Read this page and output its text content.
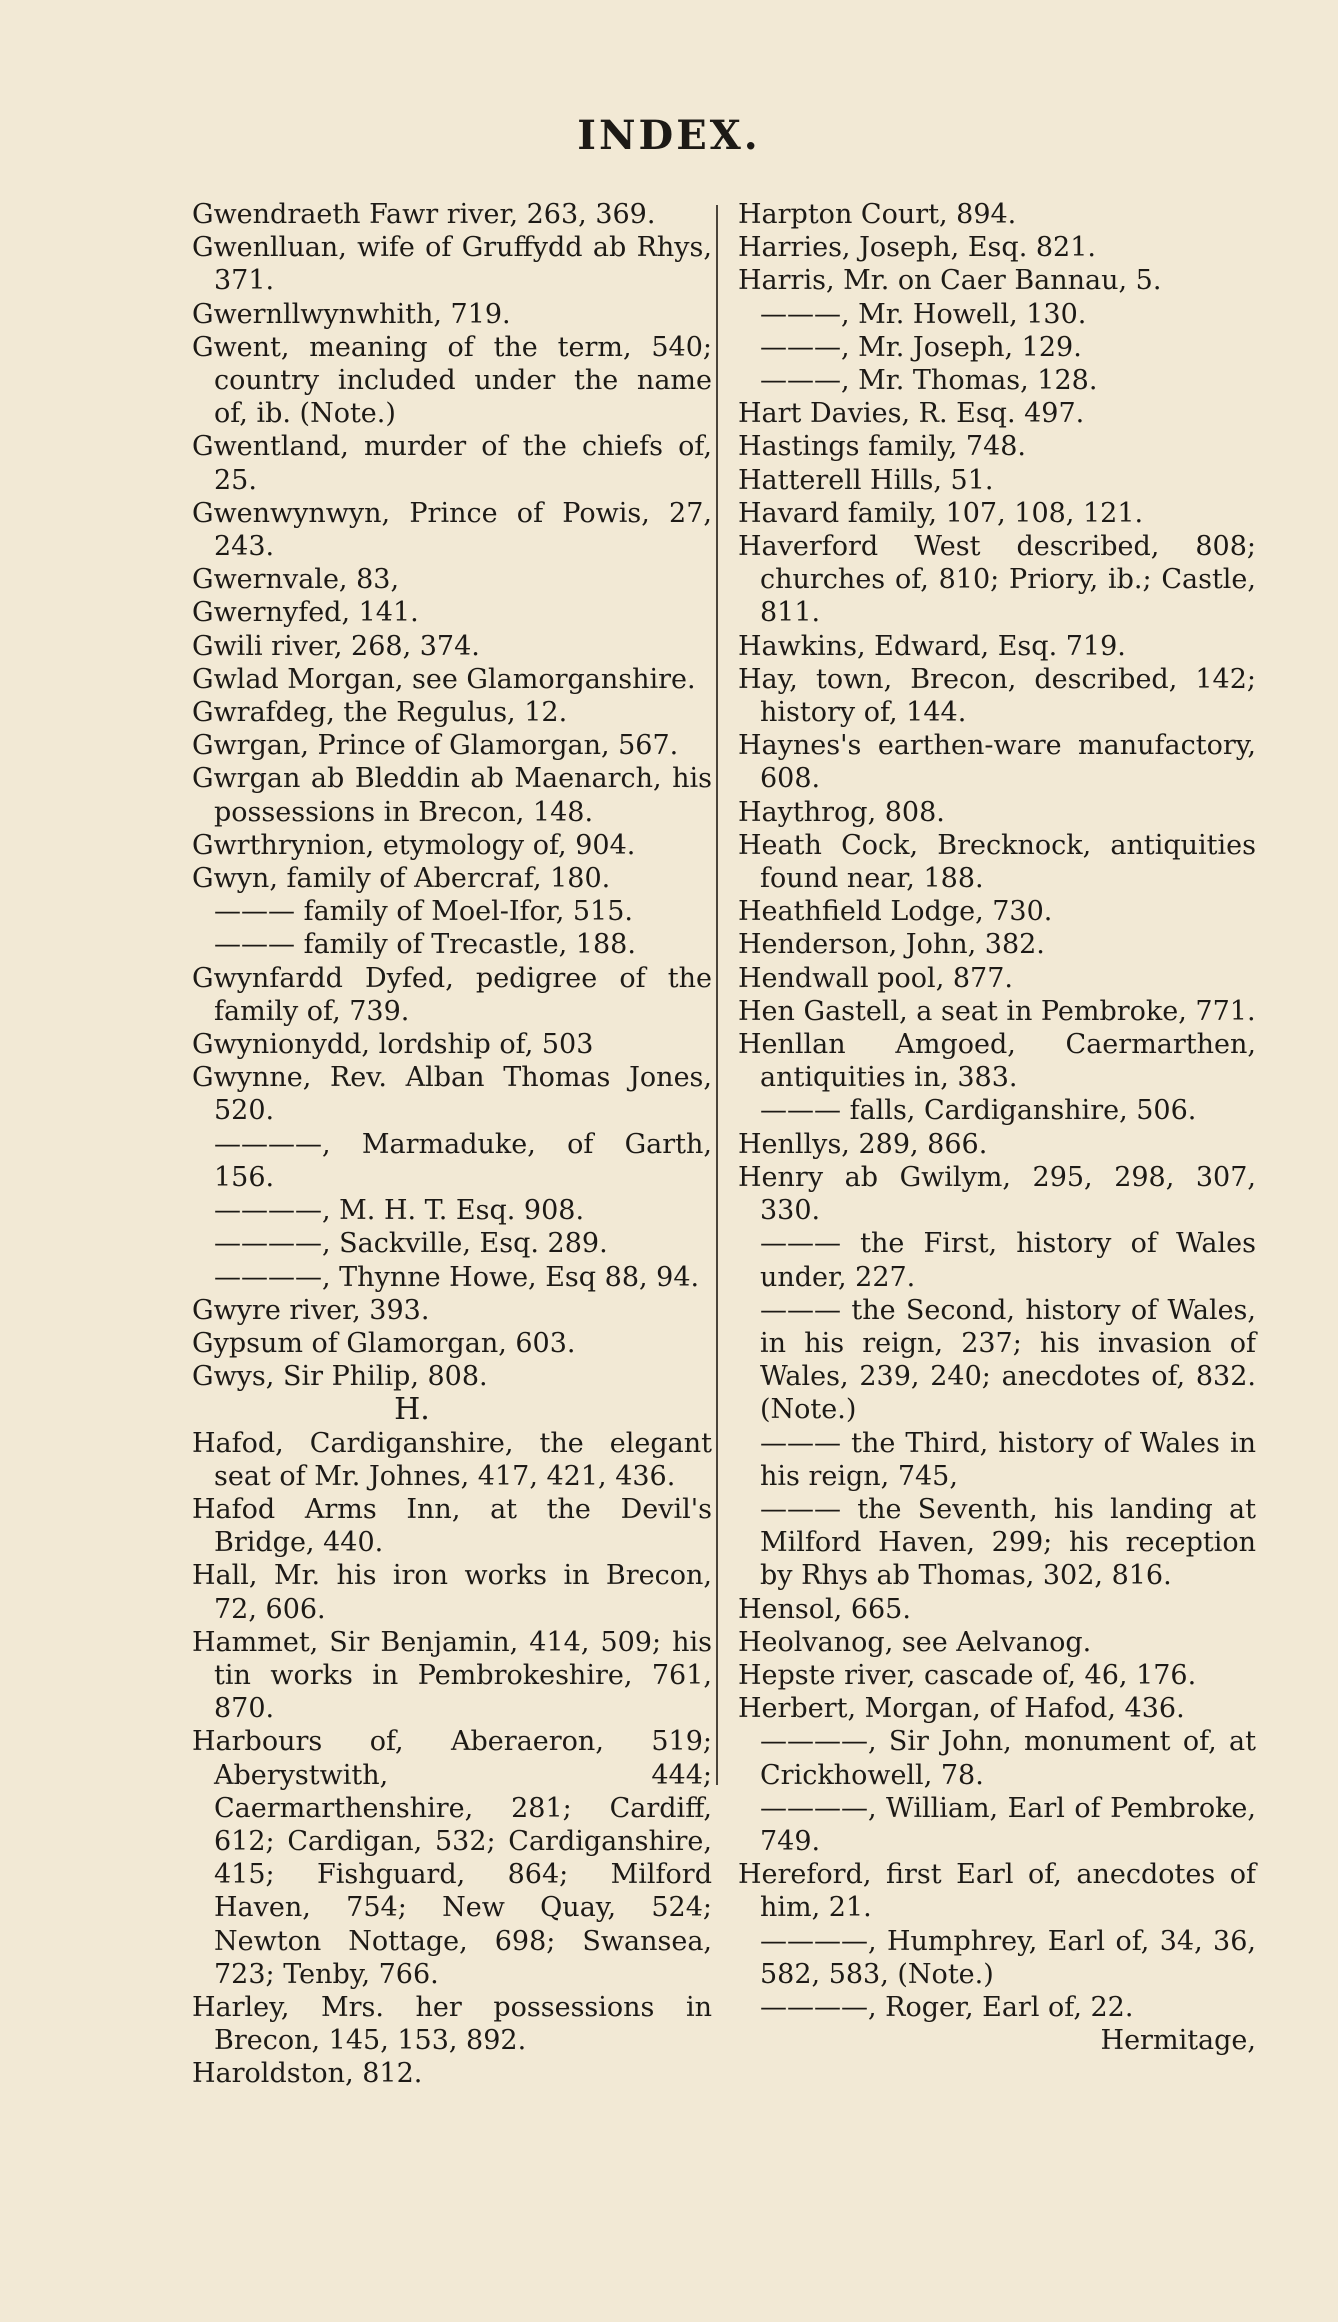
INDEX.
Gwendraeth Fawr river, 263, 369.
Gwenlluan, wife of Gruffydd ab Rhys, 371.
Gwernllwynwhith, 719.
Gwent, meaning of the term, 540; country included under the name of, ib. (Note.)
Gwentland, murder of the chiefs of, 25.
Gwenwynwyn, Prince of Powis, 27, 243.
Gwernvale, 83,
Gwernyfed, 141.
Gwili river, 268, 374.
Gwlad Morgan, see Glamorganshire.
Gwrafdeg, the Regulus, 12.
Gwrgan, Prince of Glamorgan, 567.
Gwrgan ab Bleddin ab Maenarch, his possessions in Brecon, 148.
Gwrthrynion, etymology of, 904.
Gwyn, family of Abercraf, 180.
——— family of Moel-Ifor, 515.
——— family of Trecastle, 188.
Gwynfardd Dyfed, pedigree of the family of, 739.
Gwynionydd, lordship of, 503
Gwynne, Rev. Alban Thomas Jones, 520.
————, Marmaduke, of Garth, 156.
————, M. H. T. Esq. 908.
————, Sackville, Esq. 289.
————, Thynne Howe, Esq 88, 94.
Gwyre river, 393.
Gypsum of Glamorgan, 603.
Gwys, Sir Philip, 808.
H.
Hafod, Cardiganshire, the elegant seat of Mr. Johnes, 417, 421, 436.
Hafod Arms Inn, at the Devil's Bridge, 440.
Hall, Mr. his iron works in Brecon, 72, 606.
Hammet, Sir Benjamin, 414, 509; his tin works in Pembrokeshire, 761, 870.
Harbours of, Aberaeron, 519; Aberystwith, 444; Caermarthenshire, 281; Cardiff, 612; Cardigan, 532; Cardiganshire, 415; Fishguard, 864; Milford Haven, 754; New Quay, 524; Newton Nottage, 698; Swansea, 723; Tenby, 766.
Harley, Mrs. her possessions in Brecon, 145, 153, 892.
Haroldston, 812.
Harpton Court, 894.
Harries, Joseph, Esq. 821.
Harris, Mr. on Caer Bannau, 5.
———, Mr. Howell, 130.
———, Mr. Joseph, 129.
———, Mr. Thomas, 128.
Hart Davies, R. Esq. 497.
Hastings family, 748.
Hatterell Hills, 51.
Havard family, 107, 108, 121.
Haverford West described, 808; churches of, 810; Priory, ib.; Castle, 811.
Hawkins, Edward, Esq. 719.
Hay, town, Brecon, described, 142; history of, 144.
Haynes's earthen-ware manufactory, 608.
Haythrog, 808.
Heath Cock, Brecknock, antiquities found near, 188.
Heathfield Lodge, 730.
Henderson, John, 382.
Hendwall pool, 877.
Hen Gastell, a seat in Pembroke, 771.
Henllan Amgoed, Caermarthen, antiquities in, 383.
——— falls, Cardiganshire, 506.
Henllys, 289, 866.
Henry ab Gwilym, 295, 298, 307, 330.
——— the First, history of Wales under, 227.
——— the Second, history of Wales, in his reign, 237; his invasion of Wales, 239, 240; anecdotes of, 832. (Note.)
——— the Third, history of Wales in his reign, 745,
——— the Seventh, his landing at Milford Haven, 299; his reception by Rhys ab Thomas, 302, 816.
Hensol, 665.
Heolvanog, see Aelvanog.
Hepste river, cascade of, 46, 176.
Herbert, Morgan, of Hafod, 436.
————, Sir John, monument of, at Crickhowell, 78.
————, William, Earl of Pembroke, 749.
Hereford, first Earl of, anecdotes of him, 21.
————, Humphrey, Earl of, 34, 36, 582, 583, (Note.)
————, Roger, Earl of, 22.
Hermitage,
